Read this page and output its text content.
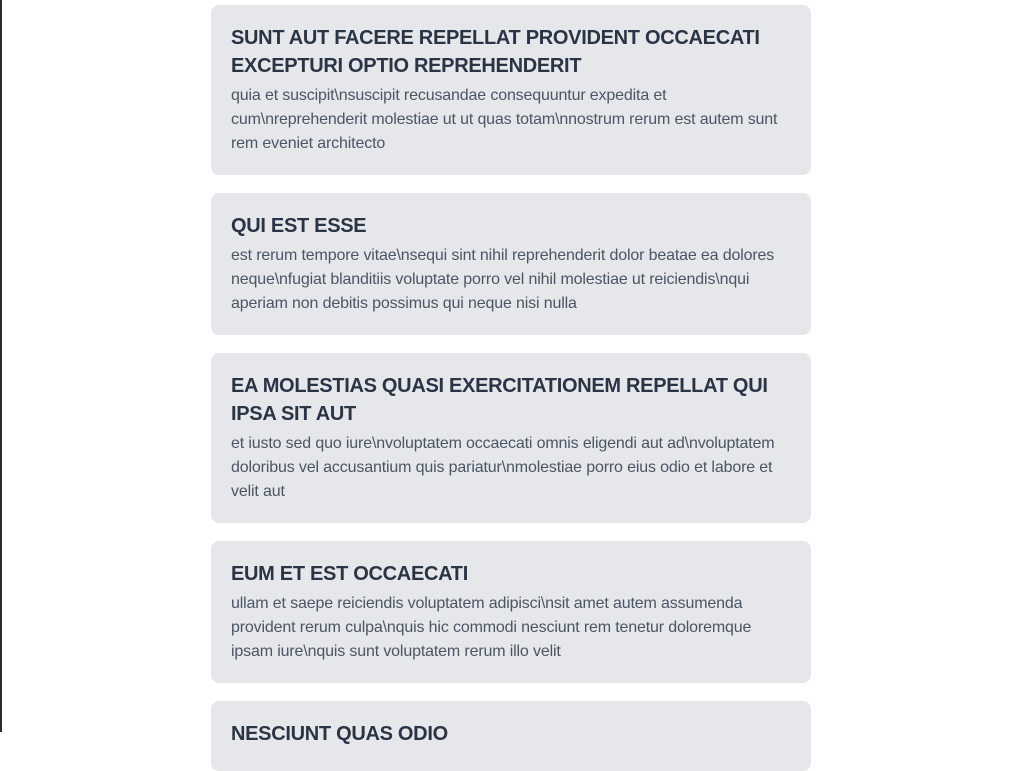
SUNT AUT FACERE REPELLAT PROVIDENT OCCAECATI EXCEPTURI OPTIO REPREHENDERIT
quia et suscipit\nsuscipit recusandae consequuntur expedita et cum\nreprehenderit molestiae ut ut quas totam\nnostrum rerum est autem sunt rem eveniet architecto
QUI EST ESSE
est rerum tempore vitae\nsequi sint nihil reprehenderit dolor beatae ea dolores neque\nfugiat blanditiis voluptate porro vel nihil molestiae ut reiciendis\nqui aperiam non debitis possimus qui neque nisi nulla
EA MOLESTIAS QUASI EXERCITATIONEM REPELLAT QUI IPSA SIT AUT
et iusto sed quo iure\nvoluptatem occaecati omnis eligendi aut ad\nvoluptatem doloribus vel accusantium quis pariatur\nmolestiae porro eius odio et labore et velit aut
EUM ET EST OCCAECATI
ullam et saepe reiciendis voluptatem adipisci\nsit amet autem assumenda provident rerum culpa\nquis hic commodi nesciunt rem tenetur doloremque ipsam iure\nquis sunt voluptatem rerum illo velit
NESCIUNT QUAS ODIO
